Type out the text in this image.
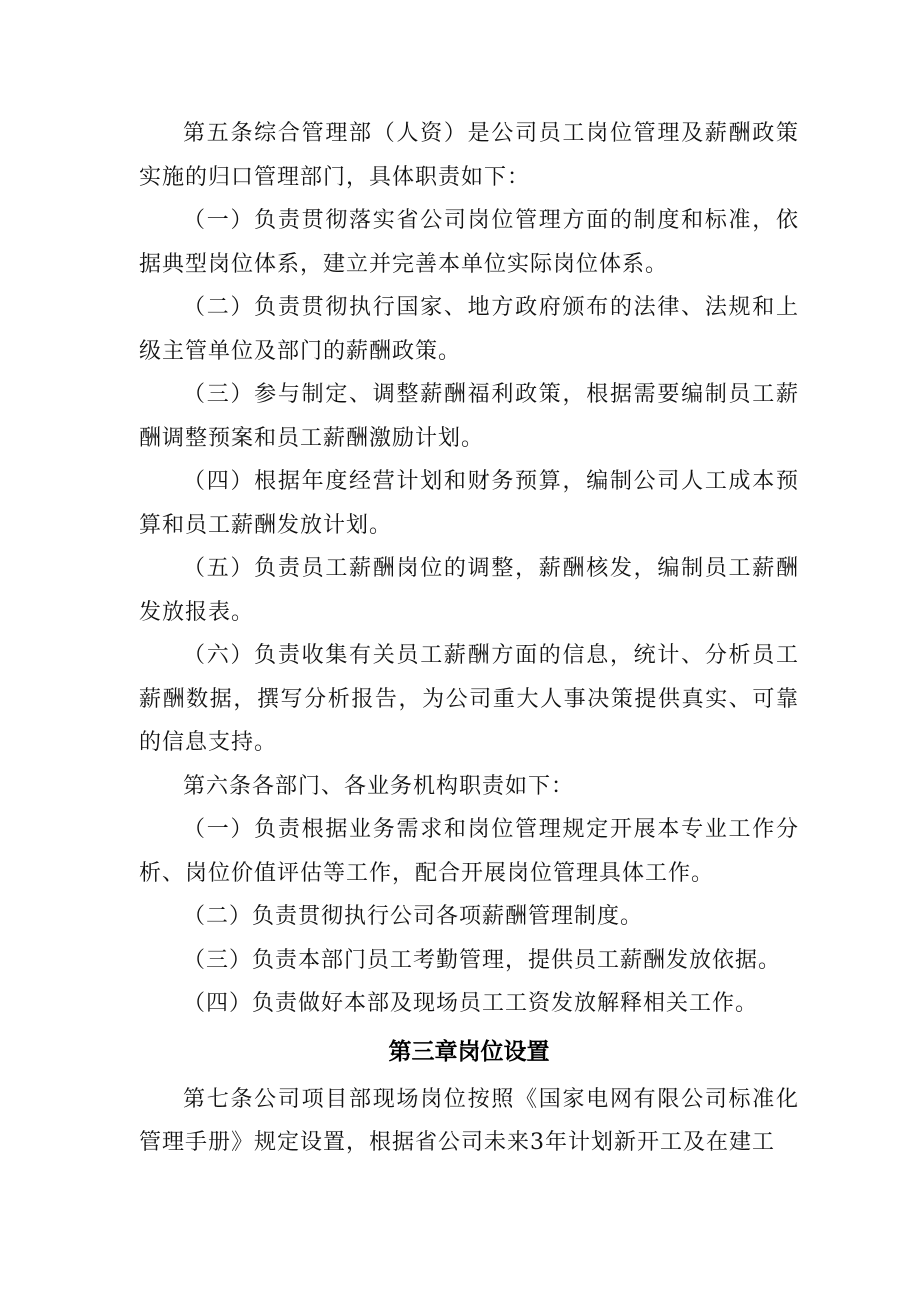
第五条综合管理部（人资）是公司员工岗位管理及薪酬政策实施的归口管理部门，具体职责如下：

（一）负责贯彻落实省公司岗位管理方面的制度和标准，依据典型岗位体系，建立并完善本单位实际岗位体系。

（二）负责贯彻执行国家、地方政府颁布的法律、法规和上级主管单位及部门的薪酬政策。

（三）参与制定、调整薪酬福利政策，根据需要编制员工薪酬调整预案和员工薪酬激励计划。

（四）根据年度经营计划和财务预算，编制公司人工成本预算和员工薪酬发放计划。

（五）负责员工薪酬岗位的调整，薪酬核发，编制员工薪酬发放报表。

（六）负责收集有关员工薪酬方面的信息，统计、分析员工薪酬数据，撰写分析报告，为公司重大人事决策提供真实、可靠的信息支持。

第六条各部门、各业务机构职责如下：

（一）负责根据业务需求和岗位管理规定开展本专业工作分析、岗位价值评估等工作，配合开展岗位管理具体工作。

（二）负责贯彻执行公司各项薪酬管理制度。

（三）负责本部门员工考勤管理，提供员工薪酬发放依据。

（四）负责做好本部及现场员工工资发放解释相关工作。

第三章岗位设置

第七条公司项目部现场岗位按照《国家电网有限公司标准化管理手册》规定设置，根据省公司未来3年计划新开工及在建工
